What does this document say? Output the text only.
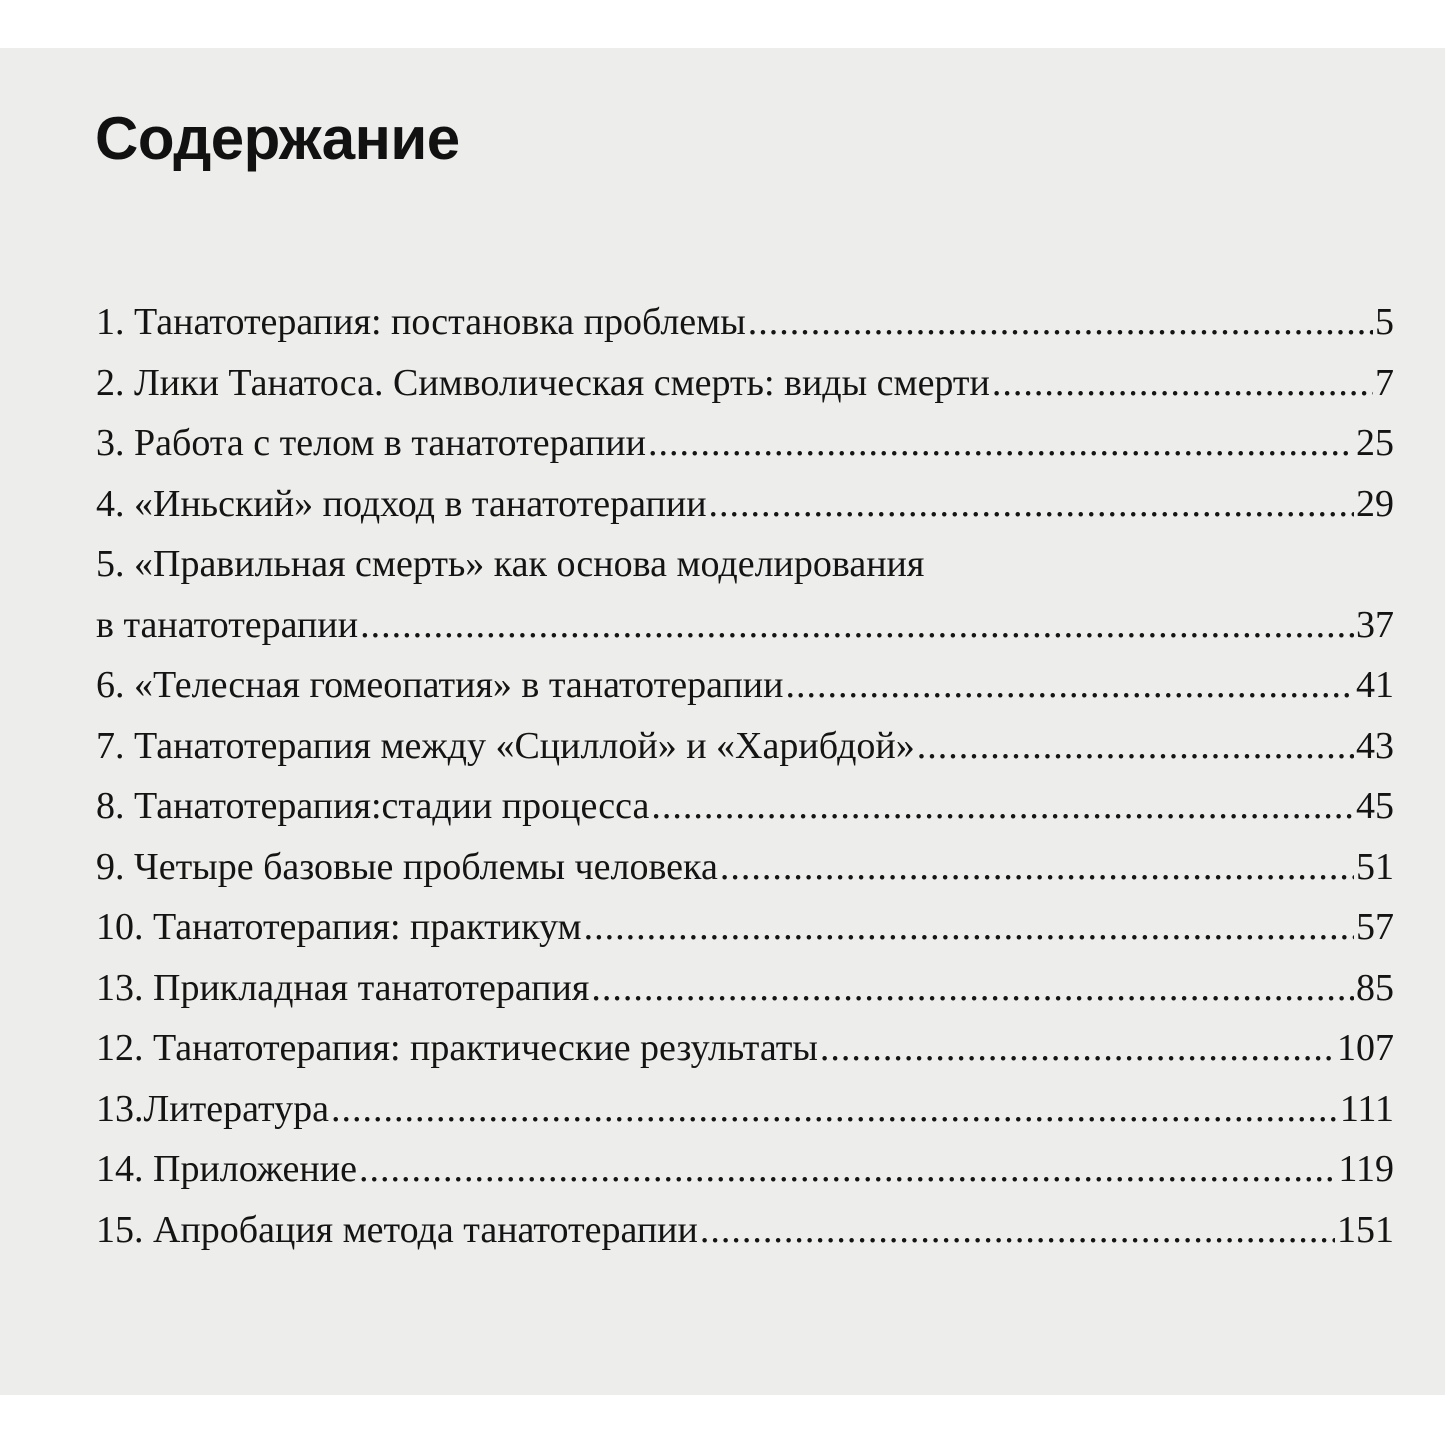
Содержание
1. Танатотерапия: постановка проблемы .....	5
2. Лики Танатоса. Символическая смерть: виды смерти .....	7
3. Работа с телом в танатотерапии .....	25
4. «Иньский» подход в танатотерапии .....	29
5. «Правильная смерть» как основа моделирования
в танатотерапии .....	37
6. «Телесная гомеопатия» в танатотерапии .....	41
7. Танатотерапия между «Сциллой» и «Харибдой» .....	43
8. Танатотерапия:стадии процесса .....	45
9. Четыре базовые проблемы человека .....	51
10. Танатотерапия: практикум .....	57
13. Прикладная танатотерапия .....	85
12. Танатотерапия: практические результаты .....	107
13.Литература .....	111
14. Приложение .....	119
15. Апробация метода танатотерапии .....	151
